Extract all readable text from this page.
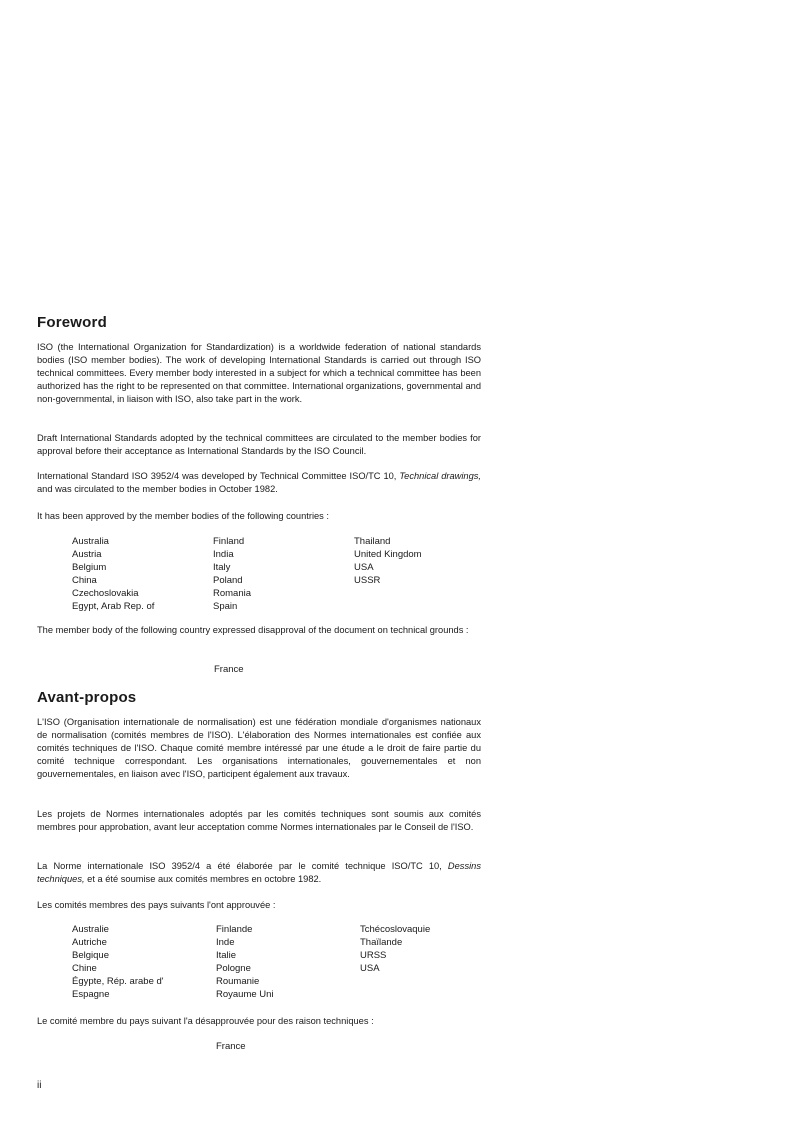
Foreword

ISO (the International Organization for Standardization) is a worldwide federation of national standards bodies (ISO member bodies). The work of developing International Standards is carried out through ISO technical committees. Every member body interested in a subject for which a technical committee has been authorized has the right to be represented on that committee. International organizations, governmental and non-governmental, in liaison with ISO, also take part in the work.

Draft International Standards adopted by the technical committees are circulated to the member bodies for approval before their acceptance as International Standards by the ISO Council.

International Standard ISO 3952/4 was developed by Technical Committee ISO/TC 10, Technical drawings, and was circulated to the member bodies in October 1982.

It has been approved by the member bodies of the following countries :

Australia
Austria
Belgium
China
Czechoslovakia
Egypt, Arab Rep. of
Finland
India
Italy
Poland
Romania
Spain
Thailand
United Kingdom
USA
USSR

The member body of the following country expressed disapproval of the document on technical grounds :

France
Avant-propos

L'ISO (Organisation internationale de normalisation) est une fédération mondiale d'organismes nationaux de normalisation (comités membres de l'ISO). L'élaboration des Normes internationales est confiée aux comités techniques de l'ISO. Chaque comité membre intéressé par une étude a le droit de faire partie du comité technique correspondant. Les organisations internationales, gouvernementales et non gouvernementales, en liaison avec l'ISO, participent également aux travaux.

Les projets de Normes internationales adoptés par les comités techniques sont soumis aux comités membres pour approbation, avant leur acceptation comme Normes internationales par le Conseil de l'ISO.

La Norme internationale ISO 3952/4 a été élaborée par le comité technique ISO/TC 10, Dessins techniques, et a été soumise aux comités membres en octobre 1982.

Les comités membres des pays suivants l'ont approuvée :

Australie
Autriche
Belgique
Chine
Égypte, Rép. arabe d'
Espagne
Finlande
Inde
Italie
Pologne
Roumanie
Royaume Uni
Tchécoslovaquie
Thaïlande
URSS
USA

Le comité membre du pays suivant l'a désapprouvée pour des raison techniques :

France
ii
